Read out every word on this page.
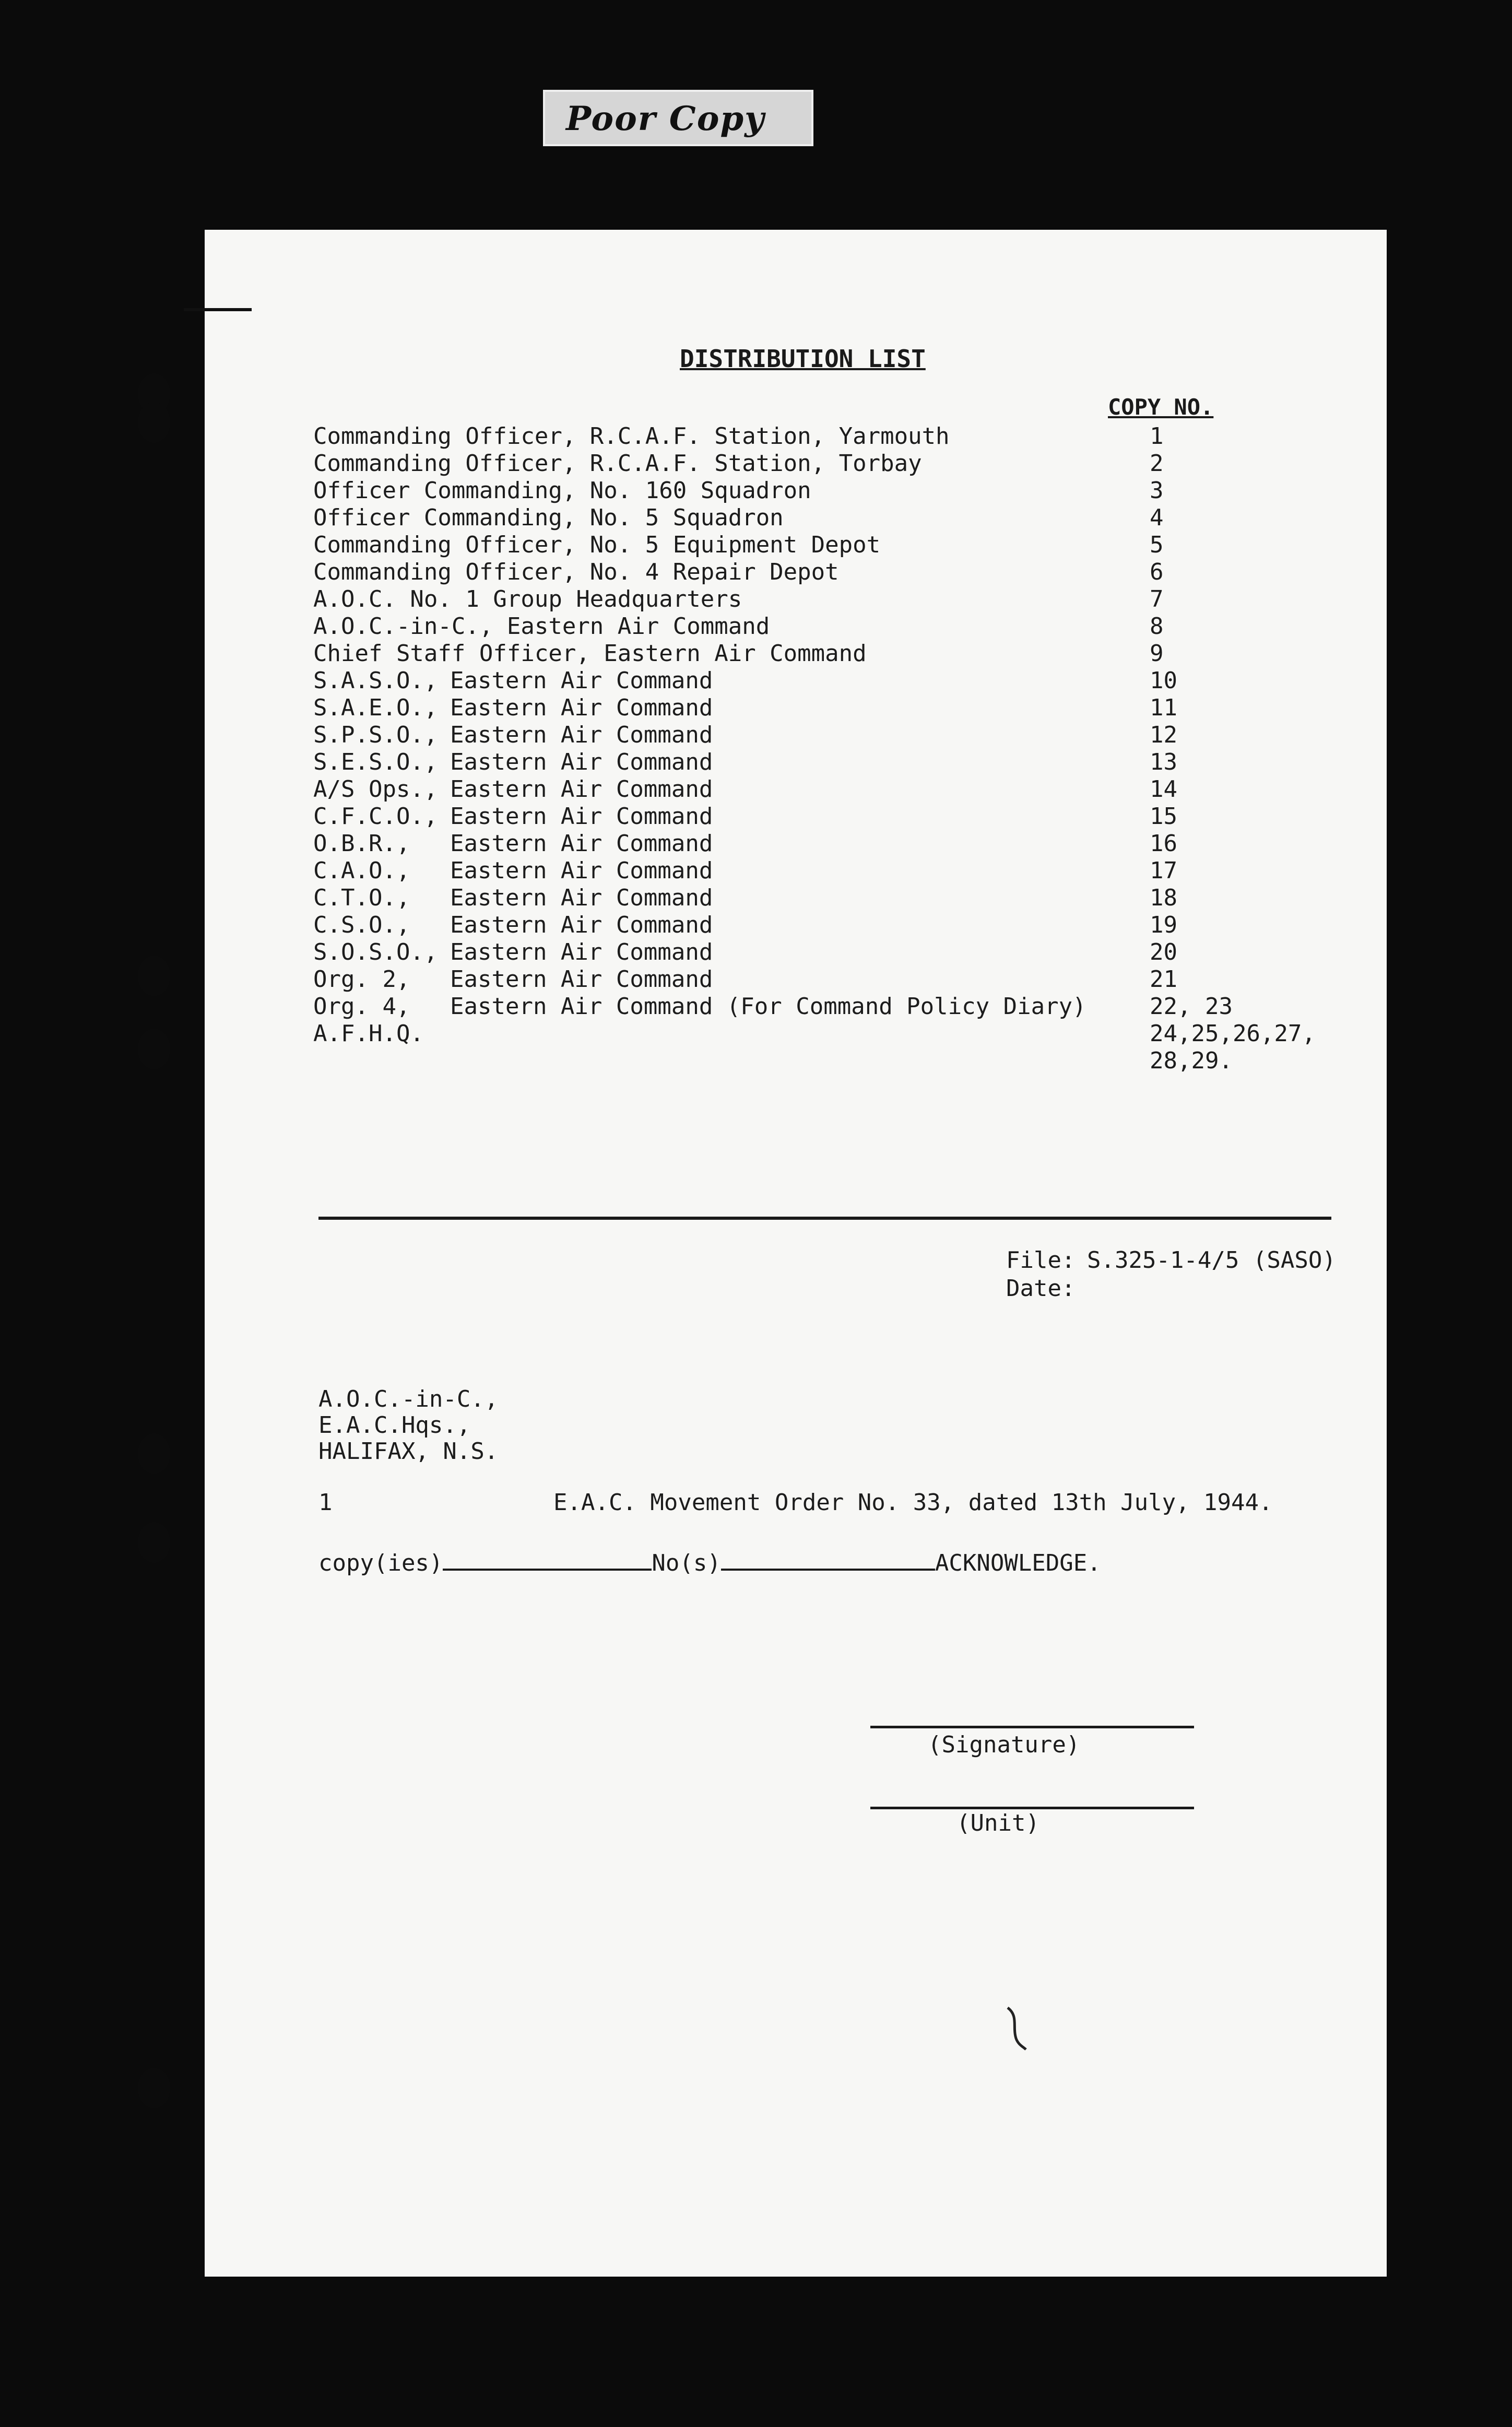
Poor Copy
DISTRIBUTION LIST
COPY NO.
Commanding Officer, R.C.A.F. Station, Yarmouth	1
Commanding Officer, R.C.A.F. Station, Torbay	2
Officer Commanding, No. 160 Squadron	3
Officer Commanding, No. 5 Squadron	4
Commanding Officer, No. 5 Equipment Depot	5
Commanding Officer, No. 4 Repair Depot	6
A.O.C. No. 1 Group Headquarters	7
A.O.C.-in-C., Eastern Air Command	8
Chief Staff Officer, Eastern Air Command	9
S.A.S.O., Eastern Air Command	10
S.A.E.O., Eastern Air Command	11
S.P.S.O., Eastern Air Command	12
S.E.S.O., Eastern Air Command	13
A/S Ops., Eastern Air Command	14
C.F.C.O., Eastern Air Command	15
O.B.R.,	Eastern Air Command	16
C.A.O.,	Eastern Air Command	17
C.T.O.,	Eastern Air Command	18
C.S.O.,	Eastern Air Command	19
S.O.S.O., Eastern Air Command	20
Org. 2,	Eastern Air Command	21
Org. 4,	Eastern Air Command (For Command Policy Diary)	22, 23
A.F.H.Q.	24,25,26,27,
28,29.
File: S.325-1-4/5 (SASO)
Date:
A.O.C.-in-C.,
E.A.C.Hqs.,
HALIFAX, N.S.
1	E.A.C. Movement Order No. 33, dated 13th July, 1944.
copy(ies)	No(s)	ACKNOWLEDGE.
(Signature)
(Unit)
